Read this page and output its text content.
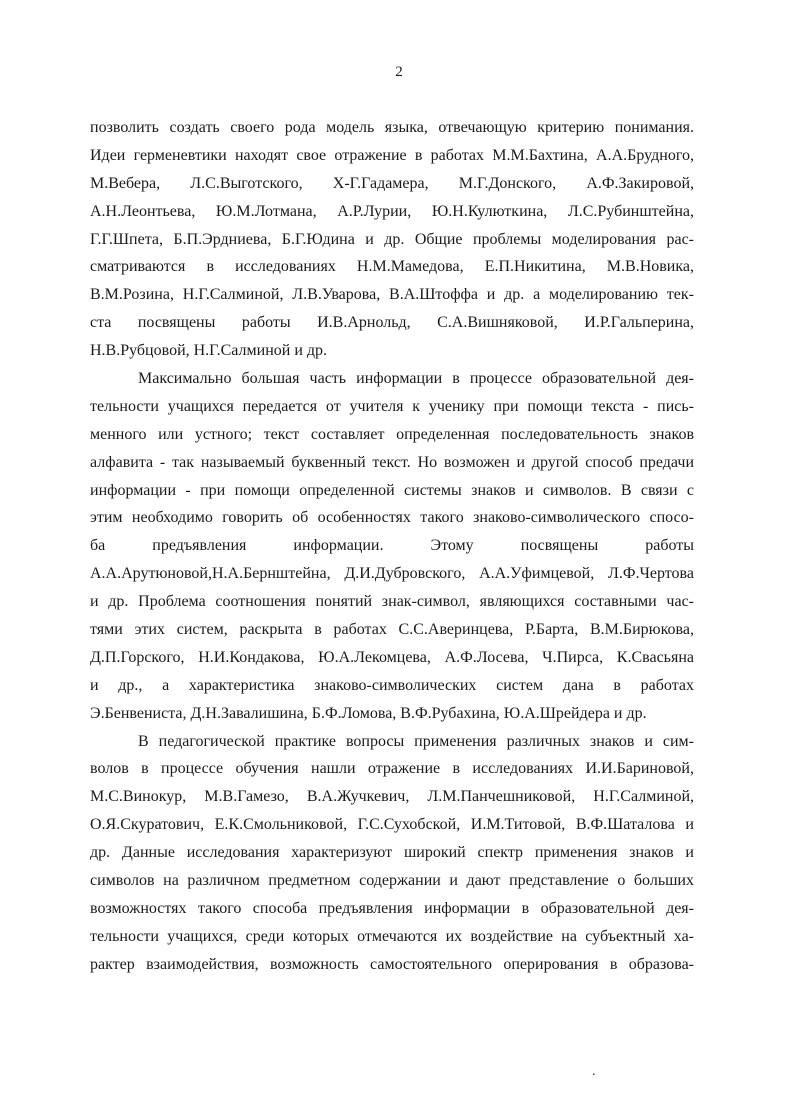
2
позволить создать своего рода модель языка, отвечающую критерию понимания.
Идеи герменевтики находят свое отражение в работах М.М.Бахтина, А.А.Брудного,
М.Вебера, Л.С.Выготского, Х-Г.Гадамера, М.Г.Донского, А.Ф.Закировой,
А.Н.Леонтьева, Ю.М.Лотмана, А.Р.Лурии, Ю.Н.Кулюткина, Л.С.Рубинштейна,
Г.Г.Шпета, Б.П.Эрдниева, Б.Г.Юдина и др. Общие проблемы моделирования рас-
сматриваются в исследованиях Н.М.Мамедова, Е.П.Никитина, М.В.Новика,
В.М.Розина, Н.Г.Салминой, Л.В.Уварова, В.А.Штоффа и др. а моделированию тек-
ста посвящены работы И.В.Арнольд, С.А.Вишняковой, И.Р.Гальперина,
Н.В.Рубцовой, Н.Г.Салминой и др.
Максимально большая часть информации в процессе образовательной дея-
тельности учащихся передается от учителя к ученику при помощи текста - пись-
менного или устного; текст составляет определенная последовательность знаков
алфавита - так называемый буквенный текст. Но возможен и другой способ предачи
информации - при помощи определенной системы знаков и символов. В связи с
этим необходимо говорить об особенностях такого знаково-символического спосо-
ба предъявления информации. Этому посвящены работы
А.А.Арутюновой,Н.А.Бернштейна, Д.И.Дубровского, А.А.Уфимцевой, Л.Ф.Чертова
и др. Проблема соотношения понятий знак-символ, являющихся составными час-
тями этих систем, раскрыта в работах С.С.Аверинцева, Р.Барта, В.М.Бирюкова,
Д.П.Горского, Н.И.Кондакова, Ю.А.Лекомцева, А.Ф.Лосева, Ч.Пирса, К.Свасьяна
и др., а характеристика знаково-символических систем дана в работах
Э.Бенвениста, Д.Н.Завалишина, Б.Ф.Ломова, В.Ф.Рубахина, Ю.А.Шрейдера и др.
В педагогической практике вопросы применения различных знаков и сим-
волов в процессе обучения нашли отражение в исследованиях И.И.Бариновой,
М.С.Винокур, М.В.Гамезо, В.А.Жучкевич, Л.М.Панчешниковой, Н.Г.Салминой,
О.Я.Скуратович, Е.К.Смольниковой, Г.С.Сухобской, И.М.Титовой, В.Ф.Шаталова и
др. Данные исследования характеризуют широкий спектр применения знаков и
символов на различном предметном содержании и дают представление о больших
возможностях такого способа предъявления информации в образовательной дея-
тельности учащихся, среди которых отмечаются их воздействие на субъектный ха-
рактер взаимодействия, возможность самостоятельного оперирования в образова-
.
